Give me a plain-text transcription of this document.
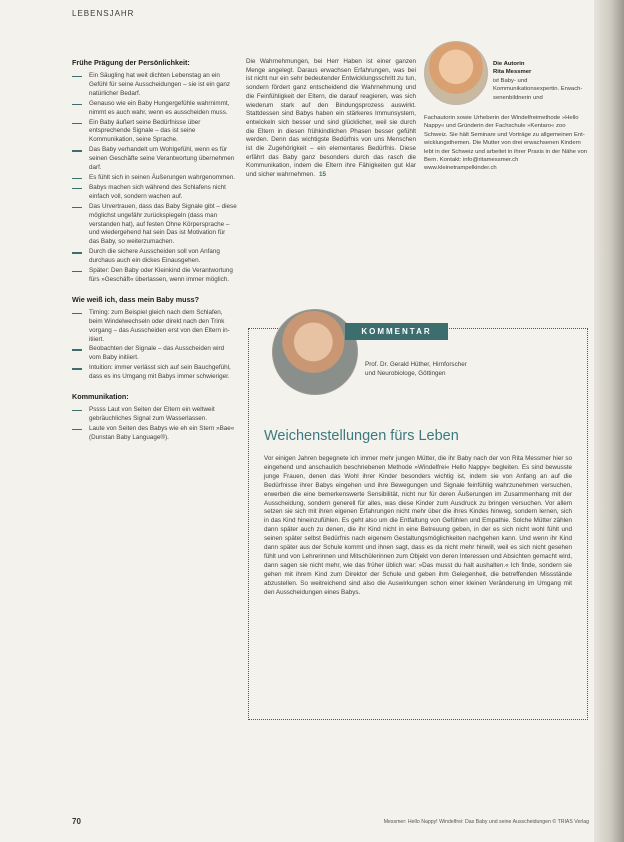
LEBENSJAHR
Frühe Prägung der Persönlichkeit:
Ein Säugling hat weit dichten Lebenstag an ein Gefühl für seine Ausscheidungen – sie ist ein ganz natürlicher Bedarf.
Genauso wie ein Baby Hungergefühle wahrnimmt, nimmt es auch wahr, wenn es ausscheiden muss.
Ein Baby äußert seine Bedürfnisse über entsprechende Signale – das ist seine Kommunikation, seine Sprache.
Das Baby verhandelt um Wohlgefühl, wenn es für seinen Geschäfte seine Verantwortung übernehmen darf.
Es fühlt sich in seinen Äußerungen wahrgenommen.
Babys machen sich während des Schlafens nicht einfach voll, sondern wachen auf.
Das Urvertrauen, dass das Baby Signale gibt – diese möglichst ungefähr zurückspiegeln (dass man verstanden hat), auf festen Ohne Körpersprache – und wiedergehend hat sein Das ist Motivation für das Baby, so weiterzumachen.
Durch die sichere Ausscheiden soll von Anfang durchaus auch ein dickes Einausgehen.
Später: Den Baby oder Kleinkind die Verantwortung fürs »Geschäft« überlassen, wenn immer möglich.
Wie weiß ich, dass mein Baby muss?
Timing: zum Beispiel gleich nach dem Schlafen, beim Windelwechseln oder direkt nach den Trink vorgang – das Ausscheiden erst von den Eltern initiiert.
Beobachten der Signale – das Ausscheiden wird vom Baby initiiert.
Intuition: immer verlässt sich auf sein Bauchgefühl, dass es ins Umgang mit Babys immer schwieriger.
Kommunikation:
Pssss Laut von Seiten der Eltern ein weltweit gebräuchliches Signal zum Wasserlassen.
Laute von Seiten des Babys wie eh ein Stern »Bae« (Dunstan Baby Language®).
Die Wahrnehmungen, bei Herr Haben ist einer ganzen Menge angelegt. Daraus erwachsen Erfahrungen, was bei ist nicht nur ein sehr bedeutender Entwicklungsschritt zu tun, sondern fördert ganz entscheidend die Wahrnehmung und die Feinfühligkeit der Eltern, die darauf reagieren, was sich wiederum stark auf den Bindungsprozess auswirkt. Stattdessen sind Babys haben ein stärkeres Immunsystem, entwickeln sich besser und sind glücklicher, weil sie durch die Eltern in diesen frühkindlichen Phasen besser gefühlt werden. Denn das wichtigste Bedürfnis von uns Menschen ist die Zugehörigkeit – ein elementares Bedürfnis. Diese erfährt das Baby ganz besonders durch das rasch die Kommunikation, indem die Eltern ihre Fähigkeiten gut klar und sicher wahrnehmen. 15
Die Autorin
Rita Messmer
ist Baby- und Kommunikationsexpertin. Erwachsenenbildnerin und
Fachautorin sowie Urheberin der Windelfreimethode »Hello Nappy« und Gründerin der Fachschule »Kentaro« zoo Schweiz. Sie hält Seminare und Vorträge zu allgemeinen Entwicklungsthemen. Die Mutter von drei erwachsenen Kindern lebt in der Schweiz und arbeitet in ihrer Praxis in der Nähe von Bern. Kontakt: info@ritamessmer.ch www.kleinetrampelkinder.ch
KOMMENTAR
Prof. Dr. Gerald Hüther, Hirnforscher
und Neurobiologe, Göttingen
Weichenstellungen fürs Leben
Vor einigen Jahren begegnete ich immer mehr jungen Mütter, die ihr Baby nach der von Rita Messmer hier so eingehend und anschaulich beschriebenen Methode »Windelfrei« Hello Nappy« begleiten. Es sind bewusste junge Frauen, denen das Wohl ihrer Kinder besonders wichtig ist, indem sie von Anfang an auf die Bedürfnisse ihrer Babys eingehen und ihre Bewegungen und Signale feinfühlig wahrzunehmen versuchen, erwerben die eine bemerkenswerte Sensibilität, nicht nur für deren Äußerungen im Zusammenhang mit der Ausscheidung, sondern generell für alles, was diese Kinder zum Ausdruck zu bringen versuchen. Vor allem setzen sie sich mit ihren eigenen Erfahrungen nicht mehr über die ihres Kindes hinweg, sondern lernen, sich in das Kind hineinzufühlen. Es geht also um die Entfaltung von Gefühlen und Empathie. Solche Mütter zählen dann später auch zu denen, die ihr Kind nicht in eine Betreuung geben, in der es sich nicht wohl fühlt und seinen später selbst Bedürfnis nach eigenem Gestaltungsmöglichkeiten nachgehen kann. Und wenn ihr Kind dann später aus der Schule kommt und ihnen sagt, dass es da nicht mehr hinwill, weil es sich nicht gesehen fühlt und von Lehrerinnen und Mitschülerinnen zum Objekt von deren Interessen und Absichten gemacht wird, dann sagen sie nicht mehr, wie das früher üblich war: »Das musst du halt aushalten.« Ich finde, sondern sie gehen mit ihrem Kind zum Direktor der Schule und geben ihm Gelegenheit, die betreffenden Missstände abzustellen. So weitreichend sind also die Auswirkungen schon einer kleinen Veränderung im Umgang mit den Ausscheidungen eines Babys.
70	Messmer: Hello Nappy! Windelfrei: Das Baby und seine Ausscheidungen © TRIAS Verlag
